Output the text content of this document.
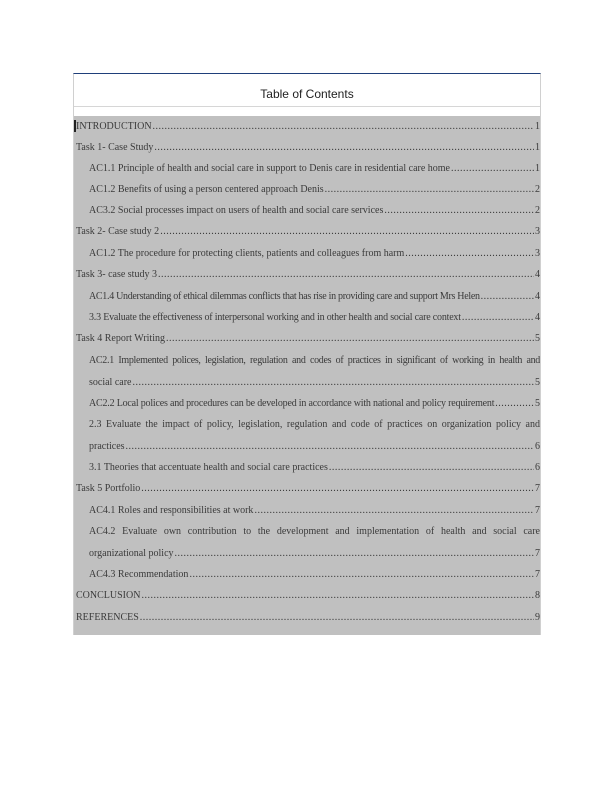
Table of Contents
INTRODUCTION .....	1
Task 1- Case Study .....	1
AC1.1 Principle of health and social care in support to Denis care in residential care home .....	1
AC1.2 Benefits of using a person centered approach Denis .....	2
AC3.2 Social processes impact on users of health and social care services .....	2
Task 2- Case study 2 .....	3
AC1.2 The procedure for protecting clients, patients and colleagues from harm .....	3
Task 3- case study 3 .....	4
AC1.4 Understanding of ethical dilemmas conflicts that has rise in providing care and support Mrs Helen .....	4
3.3 Evaluate the effectiveness of interpersonal working and in other health and social care context .....	4
Task 4 Report Writing .....	5
AC2.1 Implemented polices, legislation, regulation and codes of practices in significant of working in health and
social care .....	5
AC2.2 Local polices and procedures can be developed in accordance with national and policy requirement .....	5
2.3 Evaluate the impact of policy, legislation, regulation and code of practices on organization policy and
practices .....	6
3.1 Theories that accentuate health and social care practices .....	6
Task 5 Portfolio .....	7
AC4.1 Roles and responsibilities at work .....	7
AC4.2 Evaluate own contribution to the development and implementation of health and social care
organizational policy .....	7
AC4.3 Recommendation .....	7
CONCLUSION .....	8
REFERENCES .....	9
